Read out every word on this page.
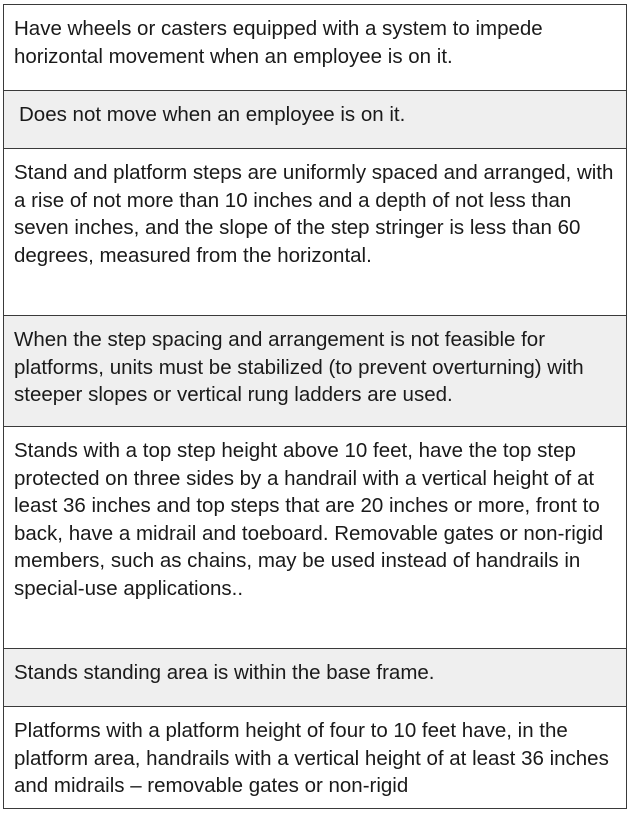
Have wheels or casters equipped with a system to impede horizontal movement when an employee is on it.
Does not move when an employee is on it.
Stand and platform steps are uniformly spaced and arranged, with a rise of not more than 10 inches and a depth of not less than seven inches, and the slope of the step stringer is less than 60 degrees, measured from the horizontal.
When the step spacing and arrangement is not feasible for platforms, units must be stabilized (to prevent overturning) with steeper slopes or vertical rung ladders are used.
Stands with a top step height above 10 feet, have the top step protected on three sides by a handrail with a vertical height of at least 36 inches and top steps that are 20 inches or more, front to back, have a midrail and toeboard. Removable gates or non-rigid members, such as chains, may be used instead of handrails in special-use applications..
Stands standing area is within the base frame.
Platforms with a platform height of four to 10 feet have, in the platform area, handrails with a vertical height of at least 36 inches and midrails – removable gates or non-rigid
